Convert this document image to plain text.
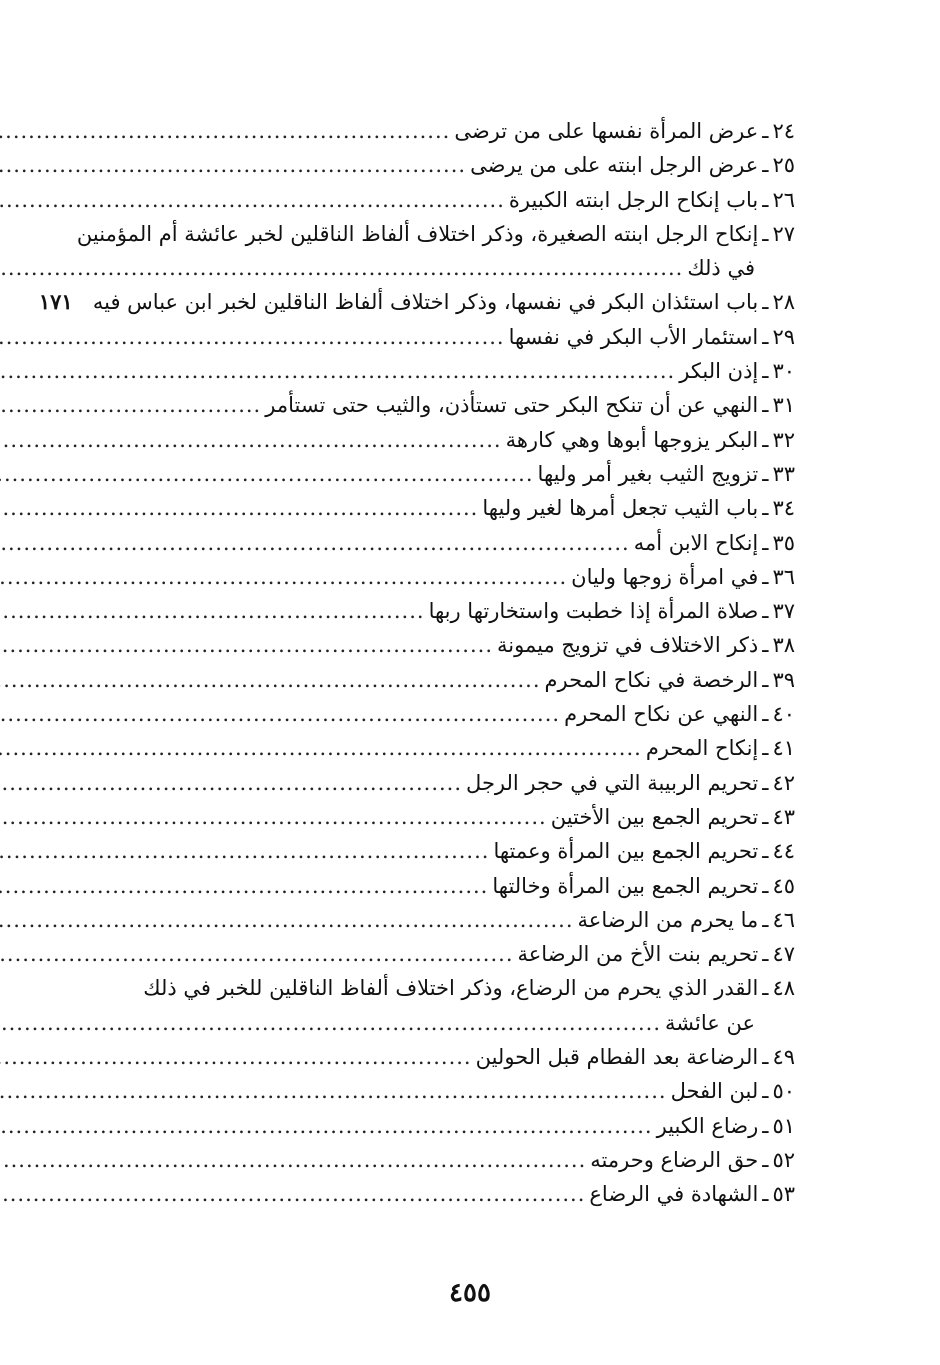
٢٤
ـ
عرض المرأة نفسها على من ترضى
.....
٢٥
ـ
عرض الرجل ابنته على من يرضى
.....
٢٦
ـ
باب إنكاح الرجل ابنته الكبيرة
.....
٢٧
ـ
إنكاح الرجل ابنته الصغيرة، وذكر اختلاف ألفاظ الناقلين لخبر عائشة أم المؤمنين
في ذلك
.....
٢٨
ـ
باب استئذان البكر في نفسها، وذكر اختلاف ألفاظ الناقلين لخبر ابن عباس فيه
١٧١
٢٩
ـ
استئمار الأب البكر في نفسها
.....
٣٠
ـ
إذن البكر
.....
٣١
ـ
النهي عن أن تنكح البكر حتى تستأذن، والثيب حتى تستأمر
.....
٣٢
ـ
البكر يزوجها أبوها وهي كارهة
.....
٣٣
ـ
تزويج الثيب بغير أمر وليها
.....
٣٤
ـ
باب الثيب تجعل أمرها لغير وليها
.....
٣٥
ـ
إنكاح الابن أمه
.....
٣٦
ـ
في امرأة زوجها وليان
.....
٣٧
ـ
صلاة المرأة إذا خطبت واستخارتها ربها
.....
٣٨
ـ
ذكر الاختلاف في تزويج ميمونة
.....
٣٩
ـ
الرخصة في نكاح المحرم
.....
٤٠
ـ
النهي عن نكاح المحرم
.....
٤١
ـ
إنكاح المحرم
.....
٤٢
ـ
تحريم الربيبة التي في حجر الرجل
.....
٤٣
ـ
تحريم الجمع بين الأختين
.....
٤٤
ـ
تحريم الجمع بين المرأة وعمتها
.....
٤٥
ـ
تحريم الجمع بين المرأة وخالتها
.....
٤٦
ـ
ما يحرم من الرضاعة
.....
٤٧
ـ
تحريم بنت الأخ من الرضاعة
.....
٤٨
ـ
القدر الذي يحرم من الرضاع، وذكر اختلاف ألفاظ الناقلين للخبر في ذلك
عن عائشة
.....
٤٩
ـ
الرضاعة بعد الفطام قبل الحولين
.....
٥٠
ـ
لبن الفحل
.....
٥١
ـ
رضاع الكبير
.....
٥٢
ـ
حق الرضاع وحرمته
.....
٥٣
ـ
الشهادة في الرضاع
.....
٤٥٥
